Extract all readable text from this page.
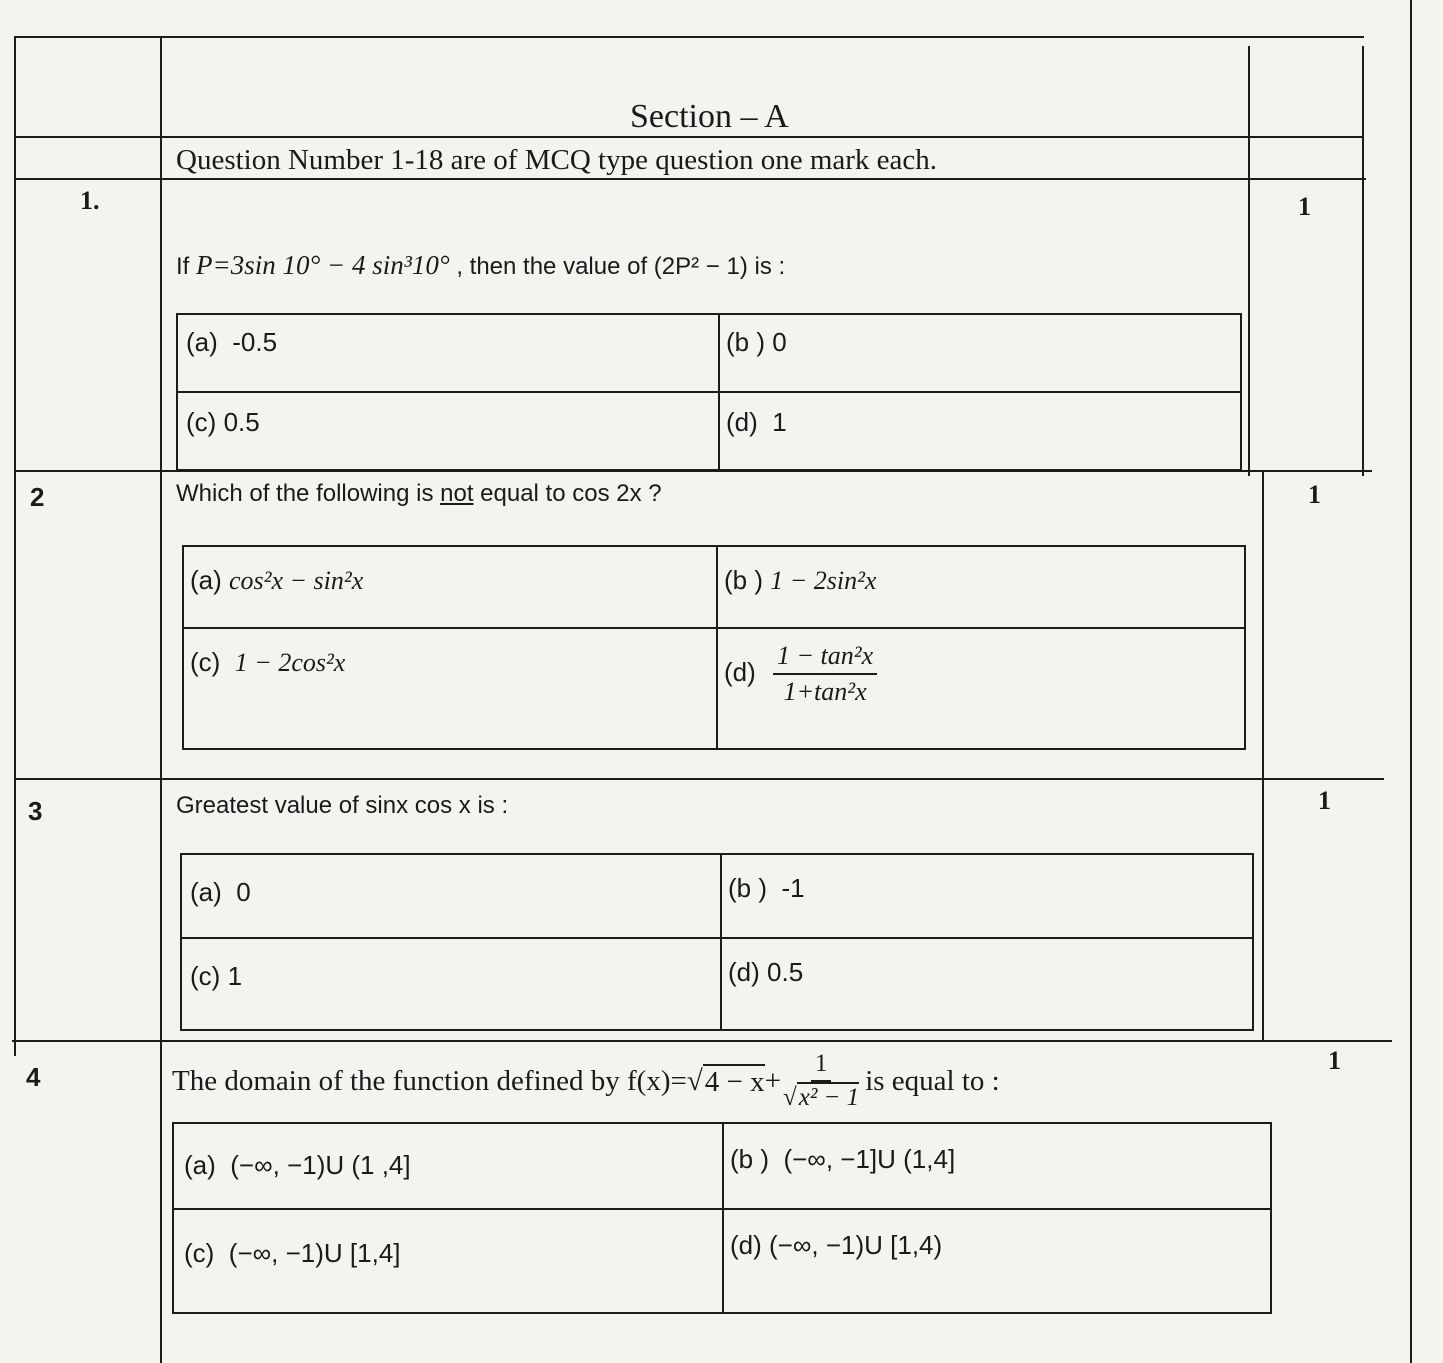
Section – A
Question Number 1-18 are of MCQ type question one mark each.
1.	1
If P=3sin 10° − 4 sin³10° , then the value of (2P² − 1) is :
(a) -0.5	(b ) 0
(c) 0.5	(d) 1
2	1
Which of the following is not equal to cos 2x ?
(a) cos²x − sin²x	(b ) 1 − 2sin²x
(c) 1 − 2cos²x	$(d) \frac{\text{1 − tan²x}}{\text{1+tan²x}}$
3	1
Greatest value of sinx cos x is :
(a) 0	(b ) -1
(c) 1	(d) 0.5
4
1
The domain of the function defined by f(x)= √ $4 - x + \frac{1}{\text{√x² − 1}}$ is equal to :
(a) (−∞, −1)U (1 ,4]	(b ) (−∞, −1]U (1,4]
(c) (−∞, −1)U [1,4]	(d) (−∞, −1)U [1,4)
